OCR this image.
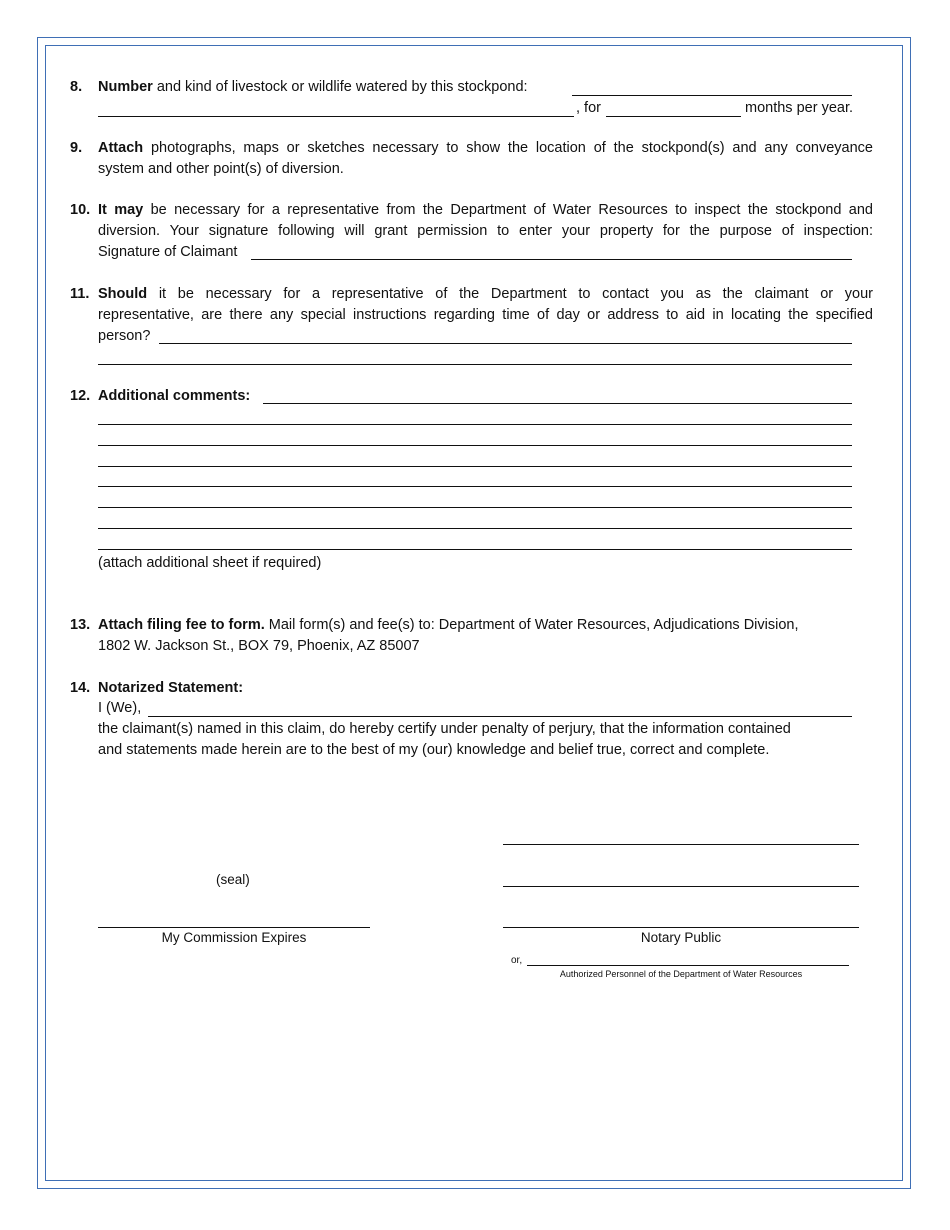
8. Number and kind of livestock or wildlife watered by this stockpond:
, for	months per year.
9. Attach photographs, maps or sketches necessary to show the location of the stockpond(s) and any conveyance
system and other point(s) of diversion.
10. It may be necessary for a representative from the Department of Water Resources to inspect the stockpond and
diversion. Your signature following will grant permission to enter your property for the purpose of inspection:
Signature of Claimant
11. Should it be necessary for a representative of the Department to contact you as the claimant or your
representative, are there any special instructions regarding time of day or address to aid in locating the specified
person?
12. Additional comments:
(attach additional sheet if required)
13. Attach filing fee to form. Mail form(s) and fee(s) to: Department of Water Resources, Adjudications Division,
1802 W. Jackson St., BOX 79, Phoenix, AZ 85007
14. Notarized Statement:
I (We),
the claimant(s) named in this claim, do hereby certify under penalty of perjury, that the information contained
and statements made herein are to the best of my (our) knowledge and belief true, correct and complete.
(seal)
My Commission Expires	Notary Public
or,
Authorized Personnel of the Department of Water Resources
